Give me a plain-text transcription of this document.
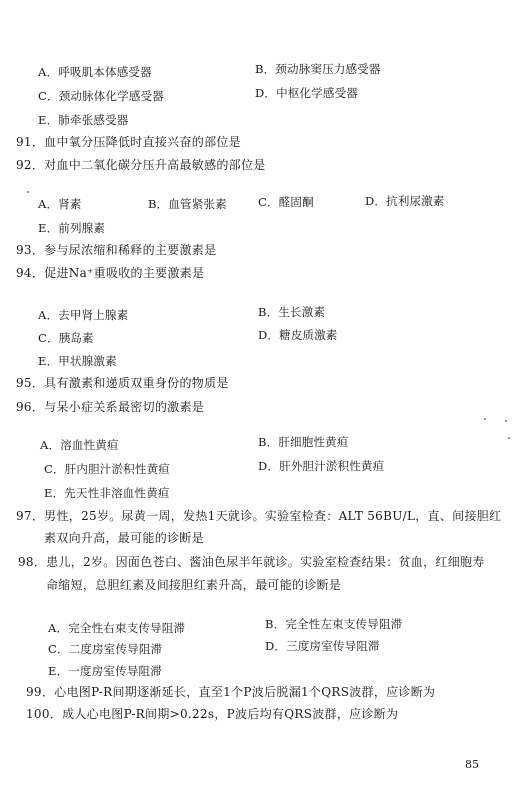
A．呼吸肌本体感受器	B．颈动脉窦压力感受器
C．颈动脉体化学感受器	D．中枢化学感受器
E．肺牵张感受器
91．血中氧分压降低时直接兴奋的部位是
92．对血中二氧化碳分压升高最敏感的部位是
A．肾素	B．血管紧张素	C．醛固酮	D．抗利尿激素
E．前列腺素
93．参与尿浓缩和稀释的主要激素是
94．促进Na⁺重吸收的主要激素是
A．去甲肾上腺素	B．生长激素
C．胰岛素	D．糖皮质激素
E．甲状腺激素
95．具有激素和递质双重身份的物质是
96．与呆小症关系最密切的激素是
A．溶血性黄疸	B．肝细胞性黄疸
C．肝内胆汁淤积性黄疸	D．肝外胆汁淤积性黄疸
E．先天性非溶血性黄疸
97．男性，25岁。尿黄一周，发热1天就诊。实验室检查：ALT 56BU/L，直、间接胆红
素双向升高，最可能的诊断是
98．患儿，2岁。因面色苍白、酱油色尿半年就诊。实验室检查结果：贫血，红细胞寿
命缩短，总胆红素及间接胆红素升高，最可能的诊断是
A．完全性右束支传导阻滞	B．完全性左束支传导阻滞
C．二度房室传导阻滞	D．三度房室传导阻滞
E．一度房室传导阻滞
99．心电图P-R间期逐渐延长，直至1个P波后脱漏1个QRS波群，应诊断为
100．成人心电图P-R间期>0.22s，P波后均有QRS波群，应诊断为
85
